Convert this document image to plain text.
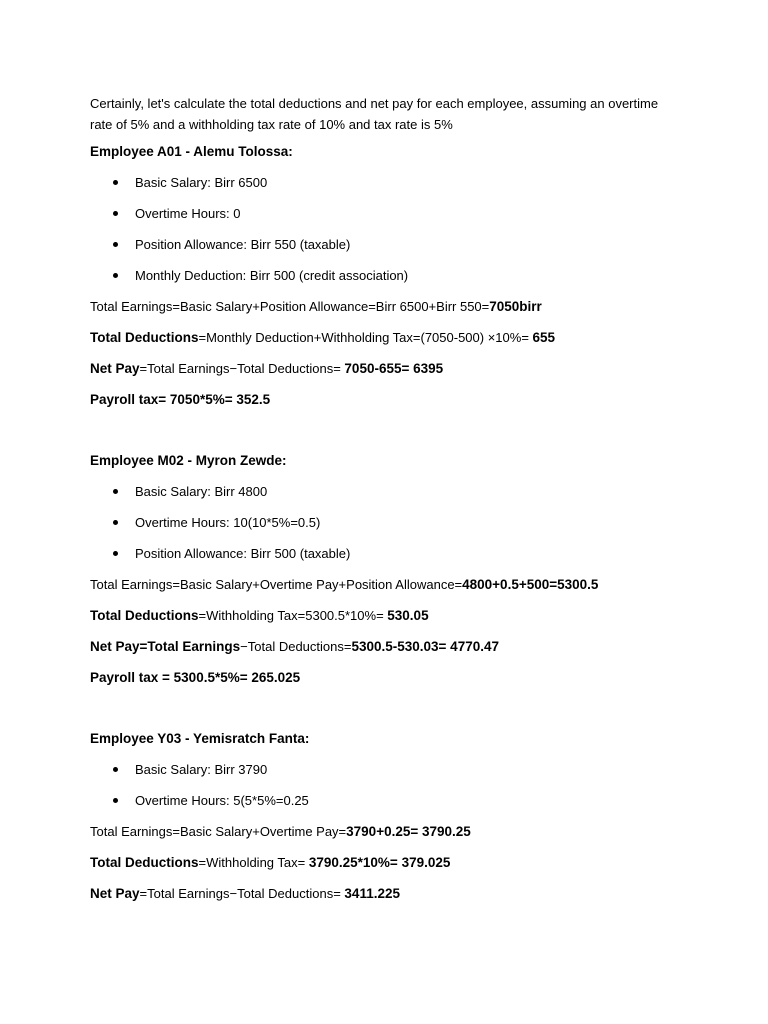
Certainly, let's calculate the total deductions and net pay for each employee, assuming an overtime rate of 5% and a withholding tax rate of 10% and tax rate is 5%

Employee A01 - Alemu Tolossa:

Basic Salary: Birr 6500
Overtime Hours: 0
Position Allowance: Birr 550 (taxable)
Monthly Deduction: Birr 500 (credit association)

Total Earnings=Basic Salary+Position Allowance=Birr 6500+Birr 550=7050birr

Total Deductions=Monthly Deduction+Withholding Tax=(7050-500) ×10%= 655

Net Pay=Total Earnings−Total Deductions= 7050-655= 6395

Payroll tax= 7050*5%= 352.5

Employee M02 - Myron Zewde:

Basic Salary: Birr 4800
Overtime Hours: 10(10*5%=0.5)
Position Allowance: Birr 500 (taxable)

Total Earnings=Basic Salary+Overtime Pay+Position Allowance=4800+0.5+500=5300.5

Total Deductions=Withholding Tax=5300.5*10%= 530.05

Net Pay=Total Earnings−Total Deductions=5300.5-530.03= 4770.47

Payroll tax = 5300.5*5%= 265.025

Employee Y03 - Yemisratch Fanta:

Basic Salary: Birr 3790
Overtime Hours: 5(5*5%=0.25

Total Earnings=Basic Salary+Overtime Pay=3790+0.25= 3790.25

Total Deductions=Withholding Tax= 3790.25*10%= 379.025

Net Pay=Total Earnings−Total Deductions= 3411.225
